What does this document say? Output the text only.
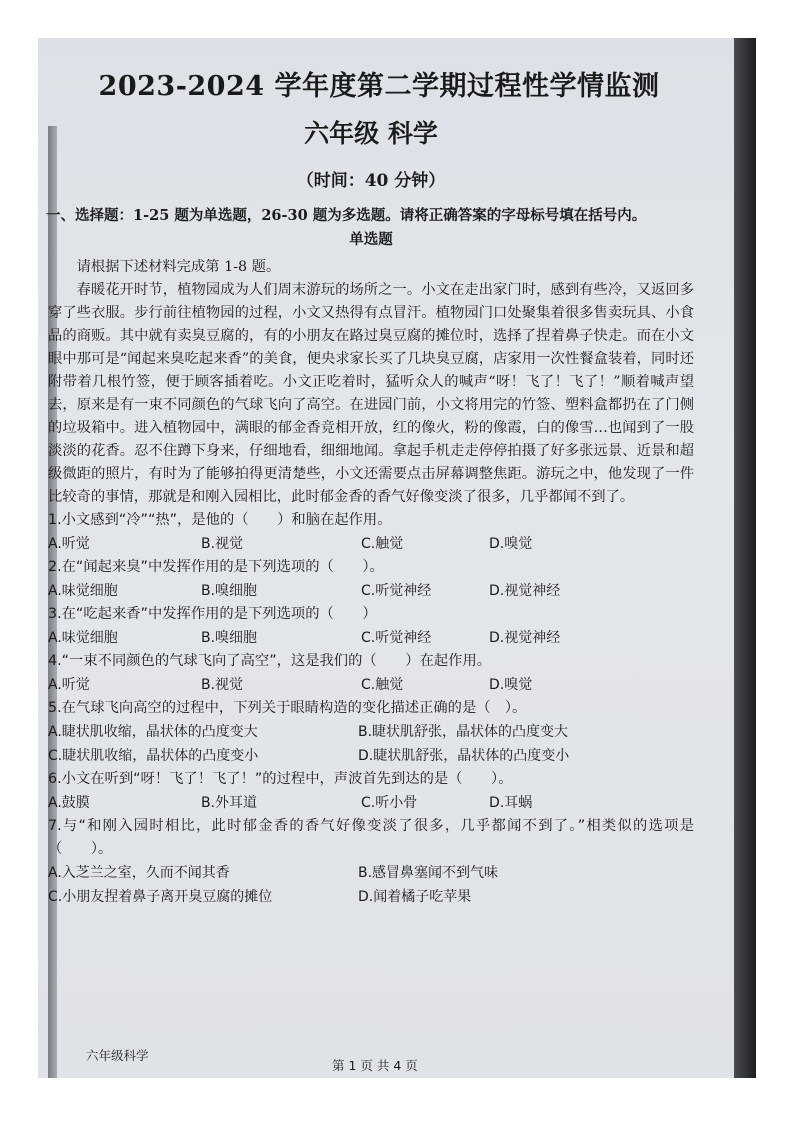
2023-2024 学年度第二学期过程性学情监测
六年级 科学
（时间：40 分钟）
一、选择题：1-25 题为单选题，26-30 题为多选题。请将正确答案的字母标号填在括号内。
单选题

请根据下述材料完成第 1-8 题。

春暖花开时节，植物园成为人们周末游玩的场所之一。小文在走出家门时，感到有些冷，又返回多穿了些衣服。步行前往植物园的过程，小文又热得有点冒汗。植物园门口处聚集着很多售卖玩具、小食品的商贩。其中就有卖臭豆腐的，有的小朋友在路过臭豆腐的摊位时，选择了捏着鼻子快走。而在小文眼中那可是“闻起来臭吃起来香”的美食，便央求家长买了几块臭豆腐，店家用一次性餐盒装着，同时还附带着几根竹签，便于顾客插着吃。小文正吃着时，猛听众人的喊声“呀！飞了！飞了！”顺着喊声望去，原来是有一束不同颜色的气球飞向了高空。在进园门前，小文将用完的竹签、塑料盒都扔在了门侧的垃圾箱中。进入植物园中，满眼的郁金香竞相开放，红的像火，粉的像霞，白的像雪…也闻到了一股淡淡的花香。忍不住蹲下身来，仔细地看，细细地闻。拿起手机走走停停拍摄了好多张远景、近景和超级微距的照片，有时为了能够拍得更清楚些，小文还需要点击屏幕调整焦距。游玩之中，他发现了一件比较奇的事情，那就是和刚入园相比，此时郁金香的香气好像变淡了很多，几乎都闻不到了。

1.小文感到“冷”“热”，是他的（　　）和脑在起作用。
A.听觉	B.视觉	C.触觉	D.嗅觉
2.在“闻起来臭”中发挥作用的是下列选项的（　　）。
A.味觉细胞	B.嗅细胞	C.听觉神经	D.视觉神经
3.在“吃起来香”中发挥作用的是下列选项的（　　）
A.味觉细胞	B.嗅细胞	C.听觉神经	D.视觉神经
4.“一束不同颜色的气球飞向了高空”，这是我们的（　　）在起作用。
A.听觉	B.视觉	C.触觉	D.嗅觉
5.在气球飞向高空的过程中，下列关于眼睛构造的变化描述正确的是（　）。
A.睫状肌收缩，晶状体的凸度变大	B.睫状肌舒张，晶状体的凸度变大
C.睫状肌收缩，晶状体的凸度变小	D.睫状肌舒张，晶状体的凸度变小
6.小文在听到“呀！飞了！飞了！”的过程中，声波首先到达的是（　　）。
A.鼓膜	B.外耳道	C.听小骨	D.耳蜗
7.与“和刚入园时相比，此时郁金香的香气好像变淡了很多，几乎都闻不到了。”相类似的选项是（　　）。
A.入芝兰之室，久而不闻其香	B.感冒鼻塞闻不到气味
C.小朋友捏着鼻子离开臭豆腐的摊位	D.闻着橘子吃苹果
六年级科学
第 1 页 共 4 页
